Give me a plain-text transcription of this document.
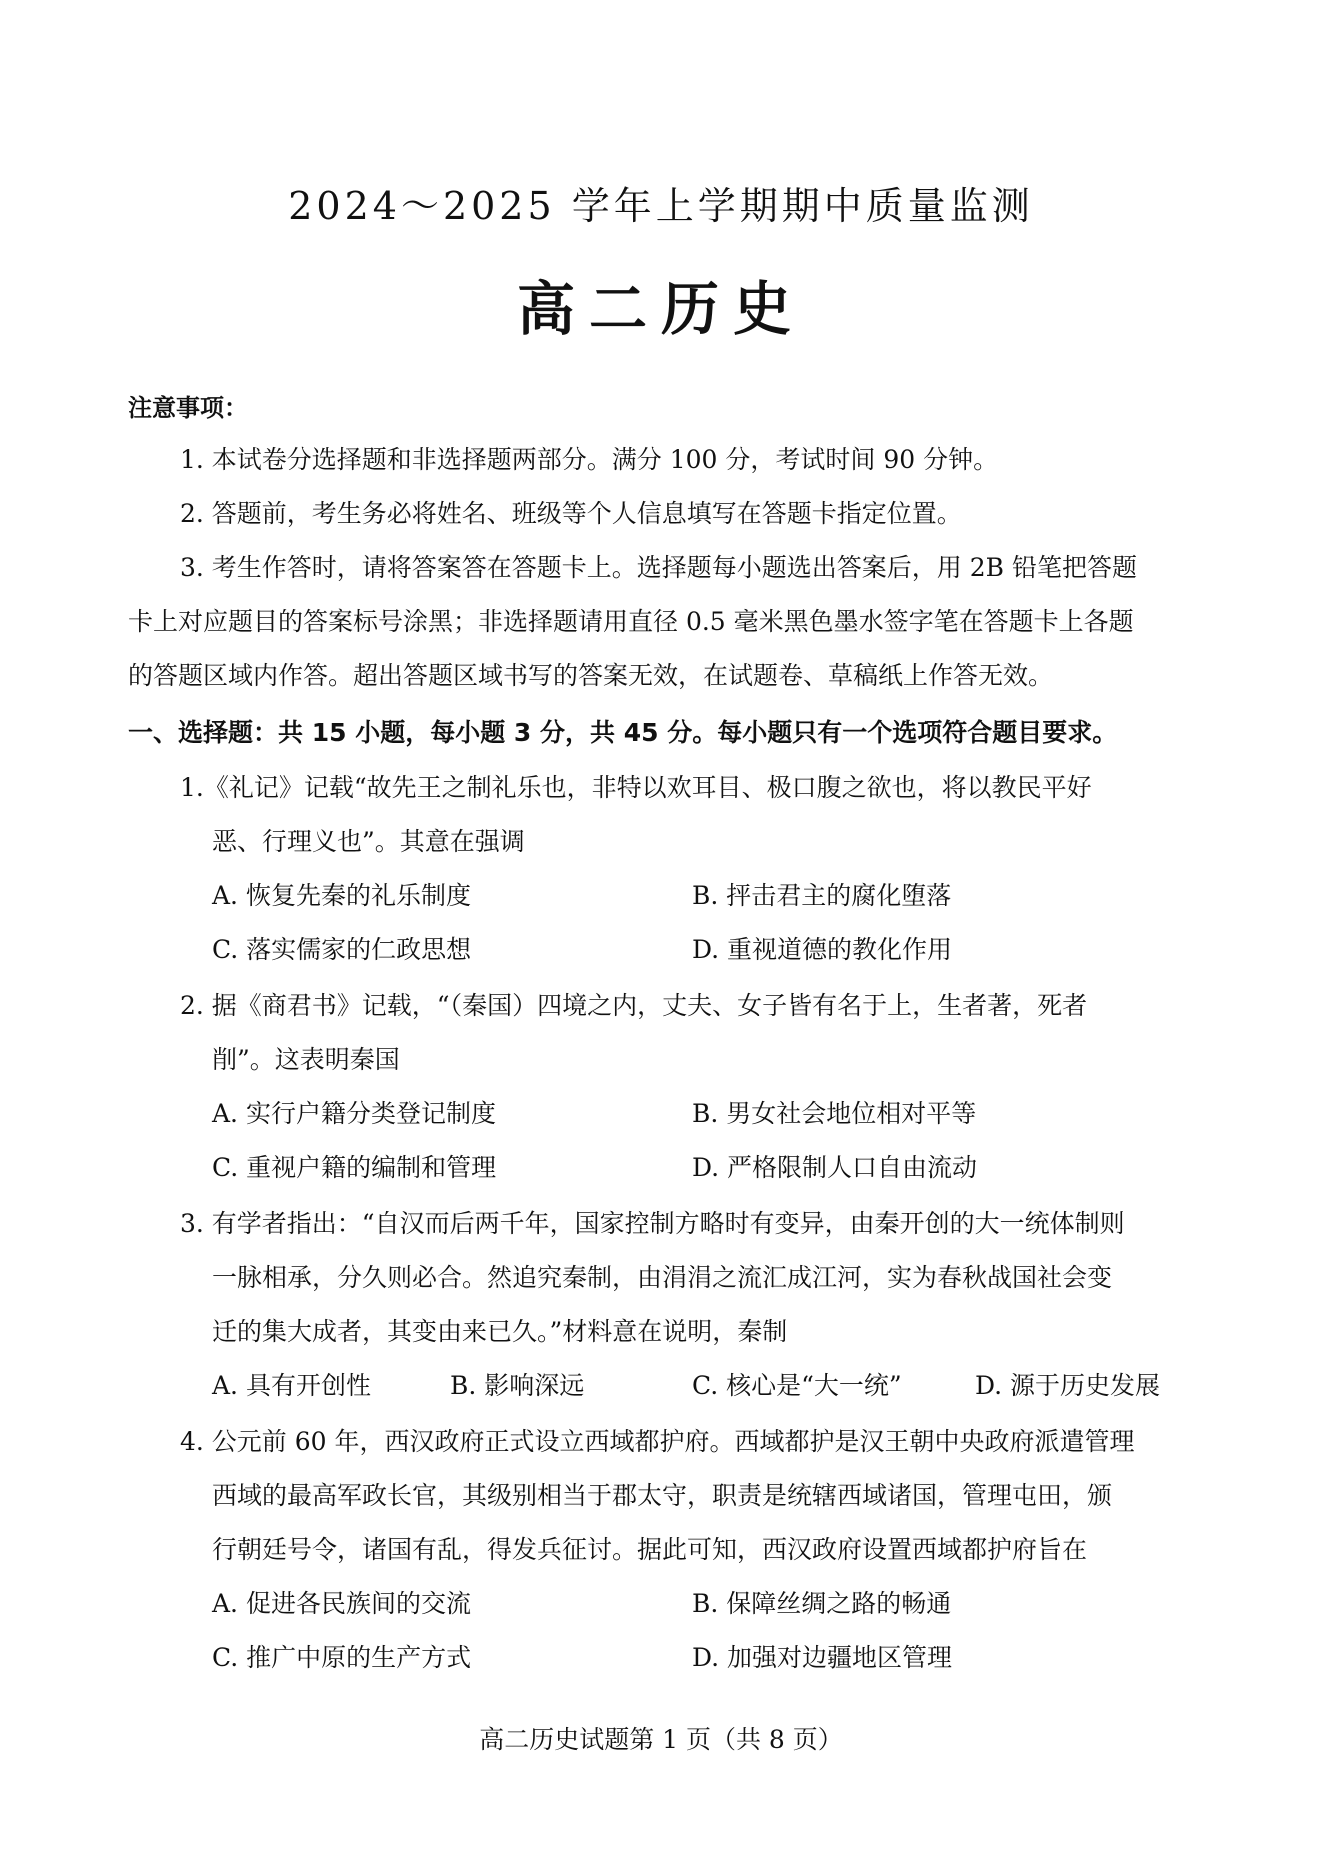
2024～2025 学年上学期期中质量监测
高二历史
注意事项：
1. 本试卷分选择题和非选择题两部分。满分 100 分，考试时间 90 分钟。
2. 答题前，考生务必将姓名、班级等个人信息填写在答题卡指定位置。
3. 考生作答时，请将答案答在答题卡上。选择题每小题选出答案后，用 2B 铅笔把答题
卡上对应题目的答案标号涂黑；非选择题请用直径 0.5 毫米黑色墨水签字笔在答题卡上各题
的答题区域内作答。超出答题区域书写的答案无效，在试题卷、草稿纸上作答无效。
一、选择题：共 15 小题，每小题 3 分，共 45 分。每小题只有一个选项符合题目要求。
1.《礼记》记载“故先王之制礼乐也，非特以欢耳目、极口腹之欲也，将以教民平好
恶、行理义也”。其意在强调
A. 恢复先秦的礼乐制度	B. 抨击君主的腐化堕落
C. 落实儒家的仁政思想	D. 重视道德的教化作用
2. 据《商君书》记载，“（秦国）四境之内，丈夫、女子皆有名于上，生者著，死者
削”。这表明秦国
A. 实行户籍分类登记制度	B. 男女社会地位相对平等
C. 重视户籍的编制和管理	D. 严格限制人口自由流动
3. 有学者指出：“自汉而后两千年，国家控制方略时有变异，由秦开创的大一统体制则
一脉相承，分久则必合。然追究秦制，由涓涓之流汇成江河，实为春秋战国社会变
迁的集大成者，其变由来已久。”材料意在说明，秦制
A. 具有开创性	B. 影响深远	C. 核心是“大一统”	D. 源于历史发展
4. 公元前 60 年，西汉政府正式设立西域都护府。西域都护是汉王朝中央政府派遣管理
西域的最高军政长官，其级别相当于郡太守，职责是统辖西域诸国，管理屯田，颁
行朝廷号令，诸国有乱，得发兵征讨。据此可知，西汉政府设置西域都护府旨在
A. 促进各民族间的交流	B. 保障丝绸之路的畅通
C. 推广中原的生产方式	D. 加强对边疆地区管理
高二历史试题第 1 页（共 8 页）
